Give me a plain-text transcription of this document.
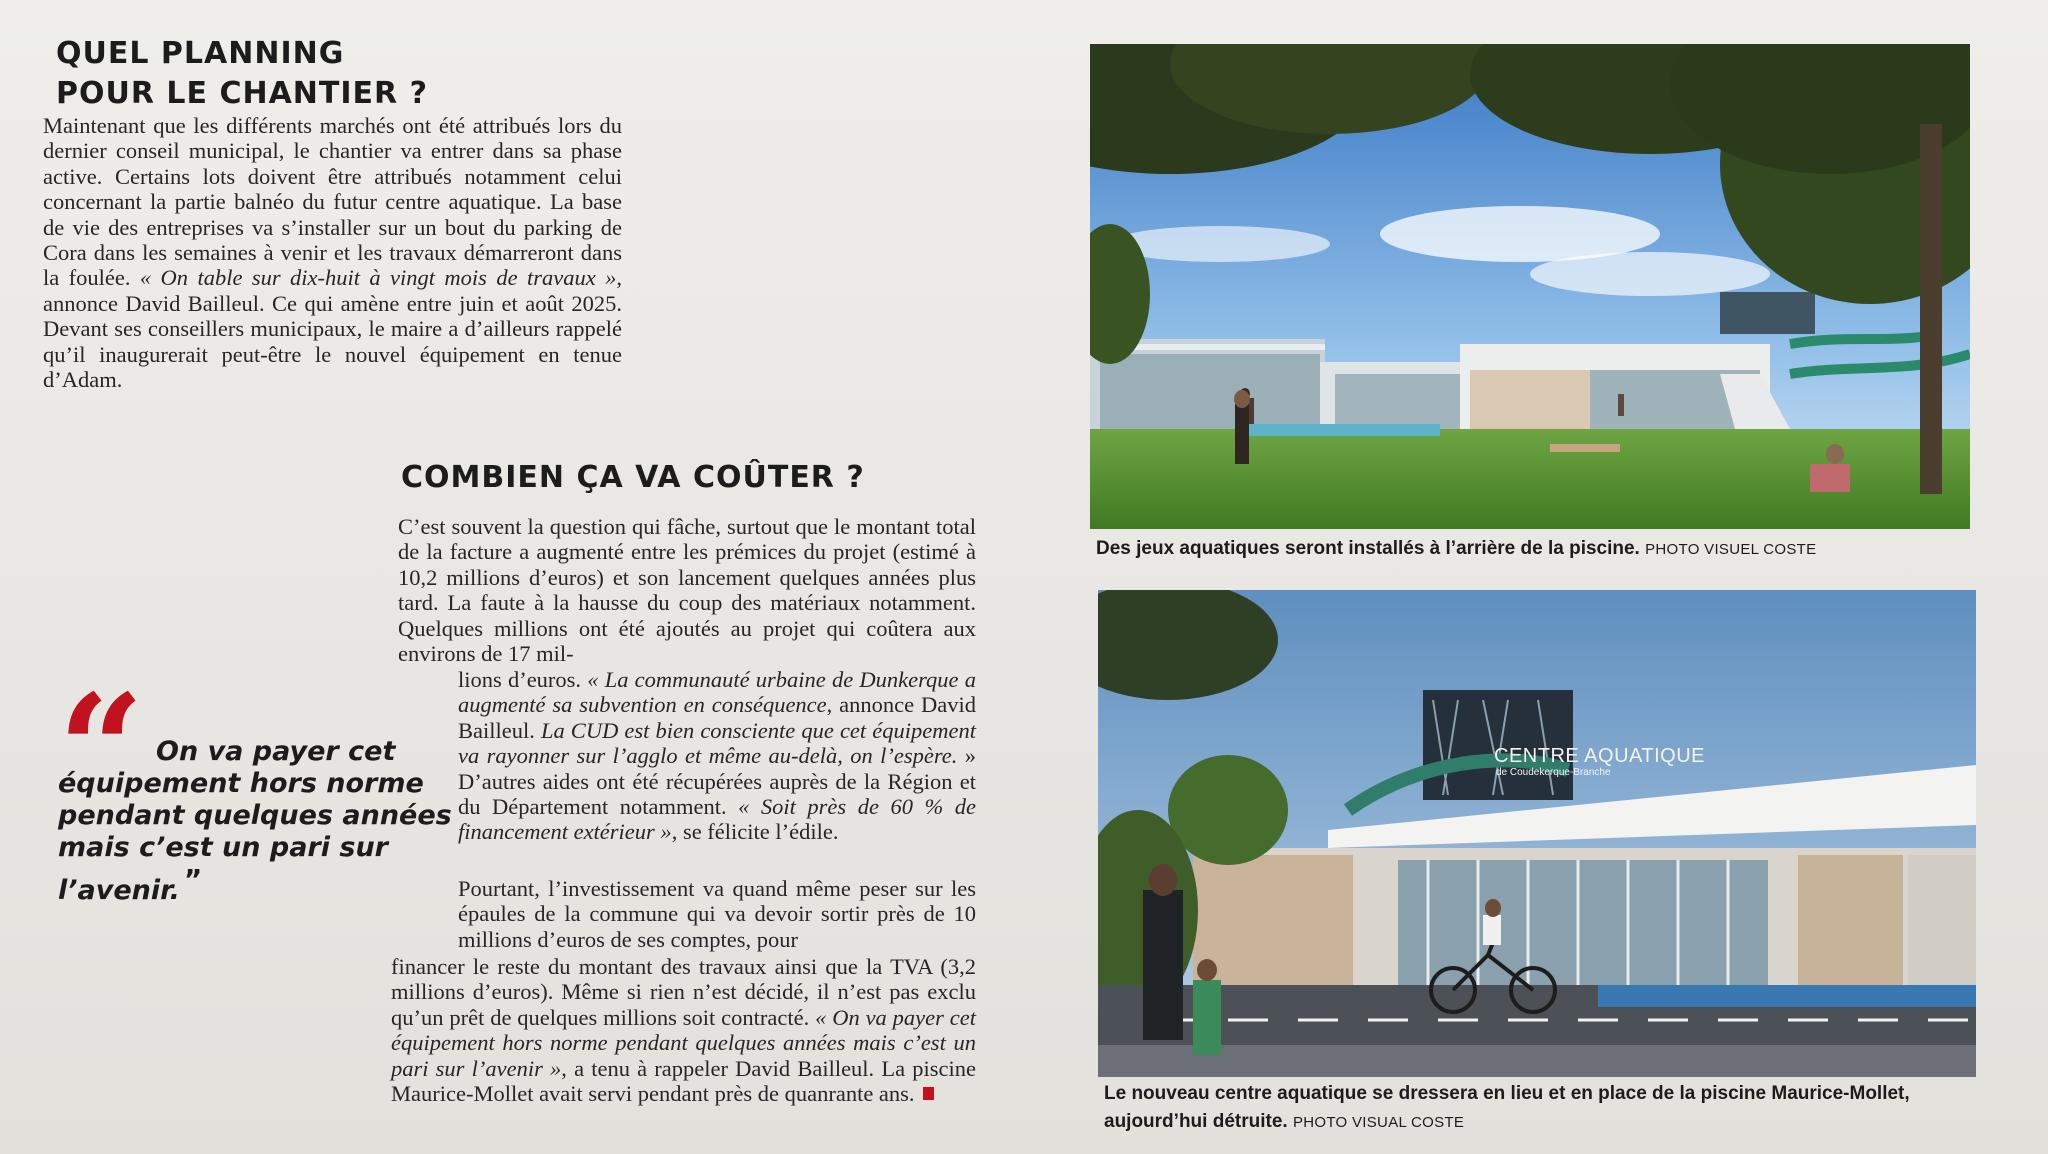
QUEL PLANNING
POUR LE CHANTIER ?

Maintenant que les différents marchés ont été attribués lors du dernier conseil municipal, le chantier va entrer dans sa phase active. Certains lots doivent être attribués notamment celui concernant la partie balnéo du futur centre aquatique. La base de vie des entreprises va s’installer sur un bout du parking de Cora dans les semaines à venir et les travaux démarreront dans la foulée. « On table sur dix-huit à vingt mois de travaux », annonce David Bailleul. Ce qui amène entre juin et août 2025. Devant ses conseillers municipaux, le maire a d’ailleurs rappelé qu’il inaugurerait peut-être le nouvel équipement en tenue d’Adam.

COMBIEN ÇA VA COÛTER ?

C’est souvent la question qui fâche, surtout que le montant total de la facture a augmenté entre les prémices du projet (estimé à 10,2 millions d’euros) et son lancement quelques années plus tard. La faute à la hausse du coup des matériaux notamment. Quelques millions ont été ajoutés au projet qui coûtera aux environs de 17 mil-

lions d’euros. « La communauté urbaine de Dunkerque a augmenté sa subvention en conséquence, annonce David Bailleul. La CUD est bien consciente que cet équipement va rayonner sur l’agglo et même au-delà, on l’espère. » D’autres aides ont été récupérées auprès de la Région et du Département notamment. « Soit près de 60 % de financement extérieur », se félicite l’édile.

Pourtant, l’investissement va quand même peser sur les épaules de la commune qui va devoir sortir près de 10 millions d’euros de ses comptes, pour

financer le reste du montant des travaux ainsi que la TVA (3,2 millions d’euros). Même si rien n’est décidé, il n’est pas exclu qu’un prêt de quelques millions soit contracté. « On va payer cet équipement hors norme pendant quelques années mais c’est un pari sur l’avenir », a tenu à rappeler David Bailleul. La piscine Maurice-Mollet avait servi pendant près de quanrante ans.

“ On va payer cet équipement hors norme pendant quelques années mais c’est un pari sur l’avenir. ”

Des jeux aquatiques seront installés à l’arrière de la piscine. PHOTO VISUEL COSTE

CENTRE AQUATIQUE
de Coudekerque-Branche

Le nouveau centre aquatique se dressera en lieu et en place de la piscine Maurice-Mollet, aujourd’hui détruite. PHOTO VISUAL COSTE
